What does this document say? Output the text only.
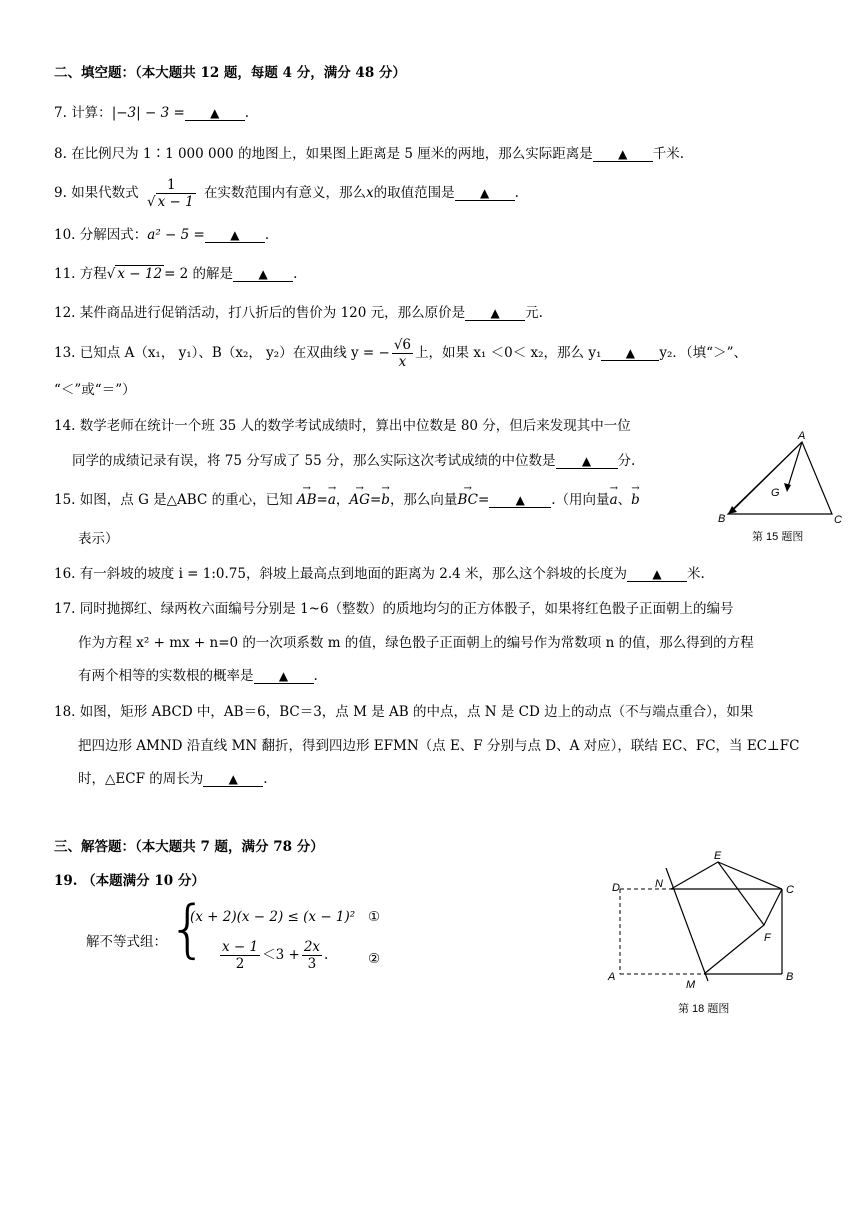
二、填空题：（本大题共 12 题，每题 4 分，满分 48 分）
7. 计算：|−3| − 3 = ▲ .
8. 在比例尺为 1∶1 000 000 的地图上，如果图上距离是 5 厘米的两地，那么实际距离是 ▲ 千米.
9. 如果代数式 $\frac{1}{√ x - 1}$ 在实数范围内有意义，那么x的取值范围是 ▲ .
10. 分解因式：a² − 5 = ▲ .
11. 方程√ x − 12 = 2 的解是 ▲ .
12. 某件商品进行促销活动，打八折后的售价为 120 元，那么原价是 ▲ 元.
13. 已知点 A（x₁， y₁）、B（x₂， y₂）在双曲线 y = − $\frac{√6}{x}$ 上，如果 x₁ ＜0＜ x₂，那么 y₁ ▲ y₂．（填“＞”、
“＜”或“＝”）
14. 数学老师在统计一个班 35 人的数学考试成绩时，算出中位数是 80 分，但后来发现其中一位
同学的成绩记录有误，将 75 分写成了 55 分，那么实际这次考试成绩的中位数是 ▲ 分.
15. 如图，点 G 是△ABC 的重心，已知 → AB=→ a，→ AG=→ b，那么向量→ BC= ▲ .（用向量→ a、→ b
表示）
A
B	C
G
第 15 题图
16. 有一斜坡的坡度 i = 1:0.75，斜坡上最高点到地面的距离为 2.4 米，那么这个斜坡的长度为 ▲ 米.
17. 同时抛掷红、绿两枚六面编号分别是 1~6（整数）的质地均匀的正方体骰子，如果将红色骰子正面朝上的编号
作为方程 x² + mx + n=0 的一次项系数 m 的值，绿色骰子正面朝上的编号作为常数项 n 的值，那么得到的方程
有两个相等的实数根的概率是 ▲ .
18. 如图，矩形 ABCD 中，AB＝6，BC＝3，点 M 是 AB 的中点，点 N 是 CD 边上的动点（不与端点重合），如果
把四边形 AMND 沿直线 MN 翻折，得到四边形 EFMN（点 E、F 分别与点 D、A 对应），联结 EC、FC，当 EC⊥FC
时，△ECF 的周长为 ▲ .
三、解答题：（本大题共 7 题，满分 78 分）
19. （本题满分 10 分）
解不等式组： {
(x + 2)(x − 2) ≤ (x − 1)² ①
$\frac{x - 1}{2} <3 + \frac{2x}{3}$ .	②
D	N
E
C
F
A
M
B
第 18 题图
